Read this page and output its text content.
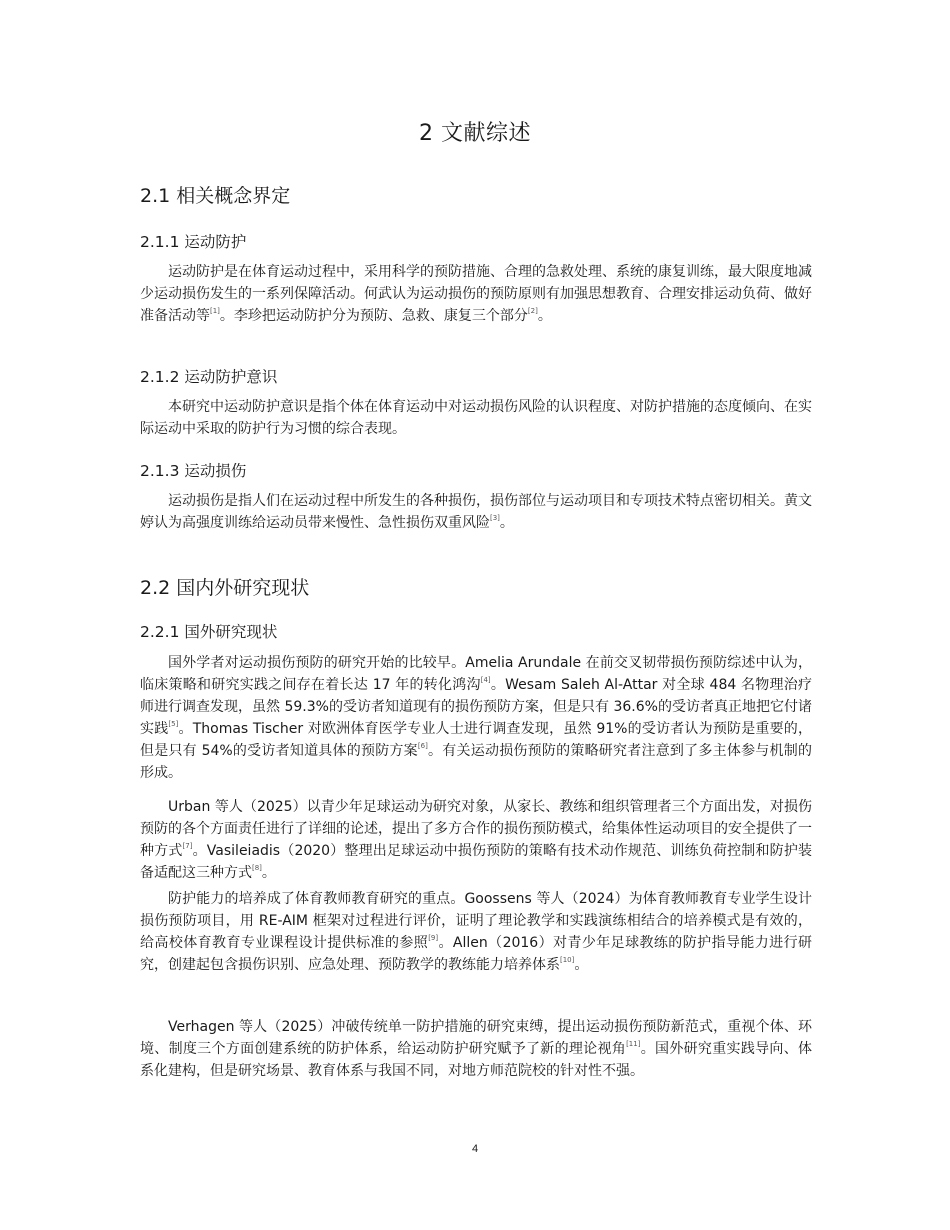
2 文献综述
2.1 相关概念界定
2.1.1 运动防护
运动防护是在体育运动过程中，采用科学的预防措施、合理的急救处理、系统的康复训练，最大限度地减少运动损伤发生的一系列保障活动。何武认为运动损伤的预防原则有加强思想教育、合理安排运动负荷、做好准备活动等[1]。李珍把运动防护分为预防、急救、康复三个部分[2]。
2.1.2 运动防护意识
本研究中运动防护意识是指个体在体育运动中对运动损伤风险的认识程度、对防护措施的态度倾向、在实际运动中采取的防护行为习惯的综合表现。
2.1.3 运动损伤
运动损伤是指人们在运动过程中所发生的各种损伤，损伤部位与运动项目和专项技术特点密切相关。黄文婷认为高强度训练给运动员带来慢性、急性损伤双重风险[3]。
2.2 国内外研究现状
2.2.1 国外研究现状
国外学者对运动损伤预防的研究开始的比较早。Amelia Arundale 在前交叉韧带损伤预防综述中认为，临床策略和研究实践之间存在着长达 17 年的转化鸿沟[4]。Wesam Saleh Al-Attar 对全球 484 名物理治疗师进行调查发现，虽然 59.3%的受访者知道现有的损伤预防方案，但是只有 36.6%的受访者真正地把它付诸实践[5]。Thomas Tischer 对欧洲体育医学专业人士进行调查发现，虽然 91%的受访者认为预防是重要的，但是只有 54%的受访者知道具体的预防方案[6]。有关运动损伤预防的策略研究者注意到了多主体参与机制的形成。
Urban 等人（2025）以青少年足球运动为研究对象，从家长、教练和组织管理者三个方面出发，对损伤预防的各个方面责任进行了详细的论述，提出了多方合作的损伤预防模式，给集体性运动项目的安全提供了一种方式[7]。Vasileiadis（2020）整理出足球运动中损伤预防的策略有技术动作规范、训练负荷控制和防护装备适配这三种方式[8]。
防护能力的培养成了体育教师教育研究的重点。Goossens 等人（2024）为体育教师教育专业学生设计损伤预防项目，用 RE-AIM 框架对过程进行评价，证明了理论教学和实践演练相结合的培养模式是有效的，给高校体育教育专业课程设计提供标准的参照[9]。Allen（2016）对青少年足球教练的防护指导能力进行研究，创建起包含损伤识别、应急处理、预防教学的教练能力培养体系[10]。
Verhagen 等人（2025）冲破传统单一防护措施的研究束缚，提出运动损伤预防新范式，重视个体、环境、制度三个方面创建系统的防护体系，给运动防护研究赋予了新的理论视角[11]。国外研究重实践导向、体系化建构，但是研究场景、教育体系与我国不同，对地方师范院校的针对性不强。
4
